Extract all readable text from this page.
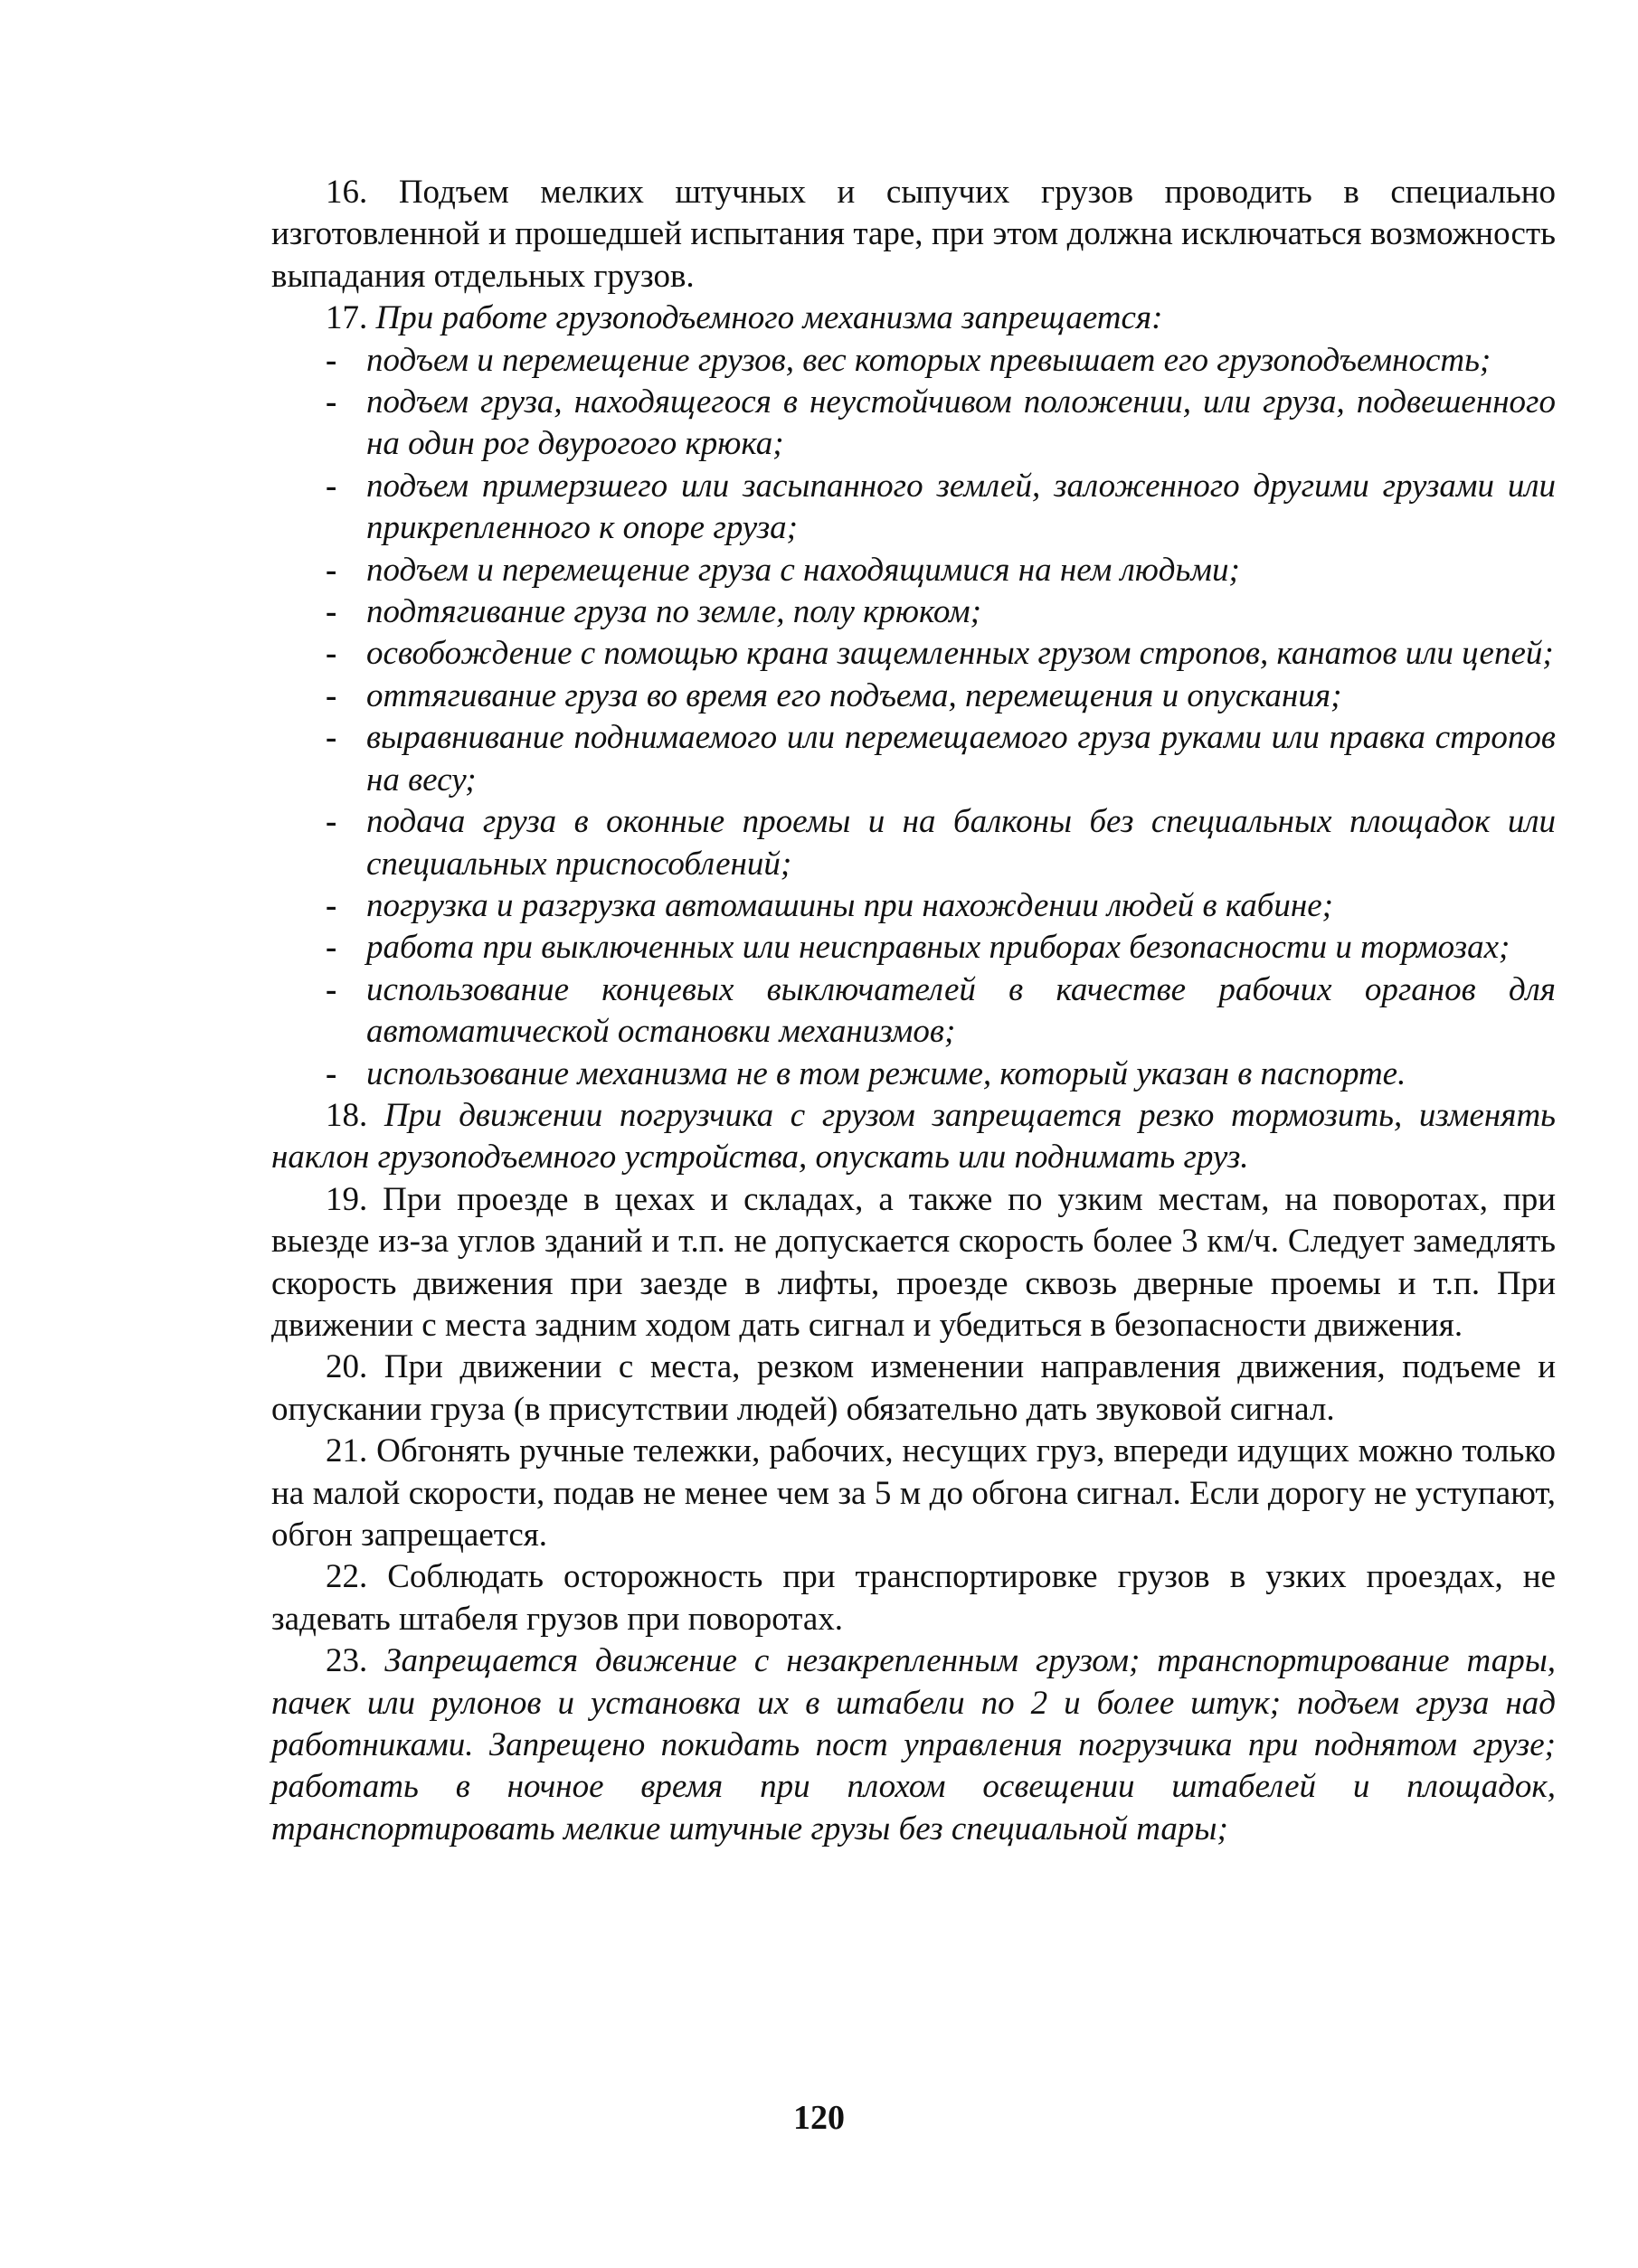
16. Подъем мелких штучных и сыпучих грузов проводить в специально изготовленной и прошедшей испытания таре, при этом должна исключаться возможность выпадания отдельных грузов.

17. При работе грузоподъемного механизма запрещается:

- подъем и перемещение грузов, вес которых превышает его грузоподъемность;
- подъем груза, находящегося в неустойчивом положении, или груза, подвешенного на один рог двурогого крюка;
- подъем примерзшего или засыпанного землей, заложенного другими грузами или прикрепленного к опоре груза;
- подъем и перемещение груза с находящимися на нем людьми;
- подтягивание груза по земле, полу крюком;
- освобождение с помощью крана защемленных грузом стропов, канатов или цепей;
- оттягивание груза во время его подъема, перемещения и опускания;
- выравнивание поднимаемого или перемещаемого груза руками или правка стропов на весу;
- подача груза в оконные проемы и на балконы без специальных площадок или специальных приспособлений;
- погрузка и разгрузка автомашины при нахождении людей в кабине;
- работа при выключенных или неисправных приборах безопасности и тормозах;
- использование концевых выключателей в качестве рабочих органов для автоматической остановки механизмов;
- использование механизма не в том режиме, который указан в паспорте.

18. При движении погрузчика с грузом запрещается резко тормозить, изменять наклон грузоподъемного устройства, опускать или поднимать груз.

19. При проезде в цехах и складах, а также по узким местам, на поворотах, при выезде из-за углов зданий и т.п. не допускается скорость более 3 км/ч. Следует замедлять скорость движения при заезде в лифты, проезде сквозь дверные проемы и т.п. При движении с места задним ходом дать сигнал и убедиться в безопасности движения.

20. При движении с места, резком изменении направления движения, подъеме и опускании груза (в присутствии людей) обязательно дать звуковой сигнал.

21. Обгонять ручные тележки, рабочих, несущих груз, впереди идущих можно только на малой скорости, подав не менее чем за 5 м до обгона сигнал. Если дорогу не уступают, обгон запрещается.

22. Соблюдать осторожность при транспортировке грузов в узких проездах, не задевать штабеля грузов при поворотах.

23. Запрещается движение с незакрепленным грузом; транспортирование тары, пачек или рулонов и установка их в штабели по 2 и более штук; подъем груза над работниками. Запрещено покидать пост управления погрузчика при поднятом грузе; работать в ночное время при плохом освещении штабелей и площадок, транспортировать мелкие штучные грузы без специальной тары;

120
